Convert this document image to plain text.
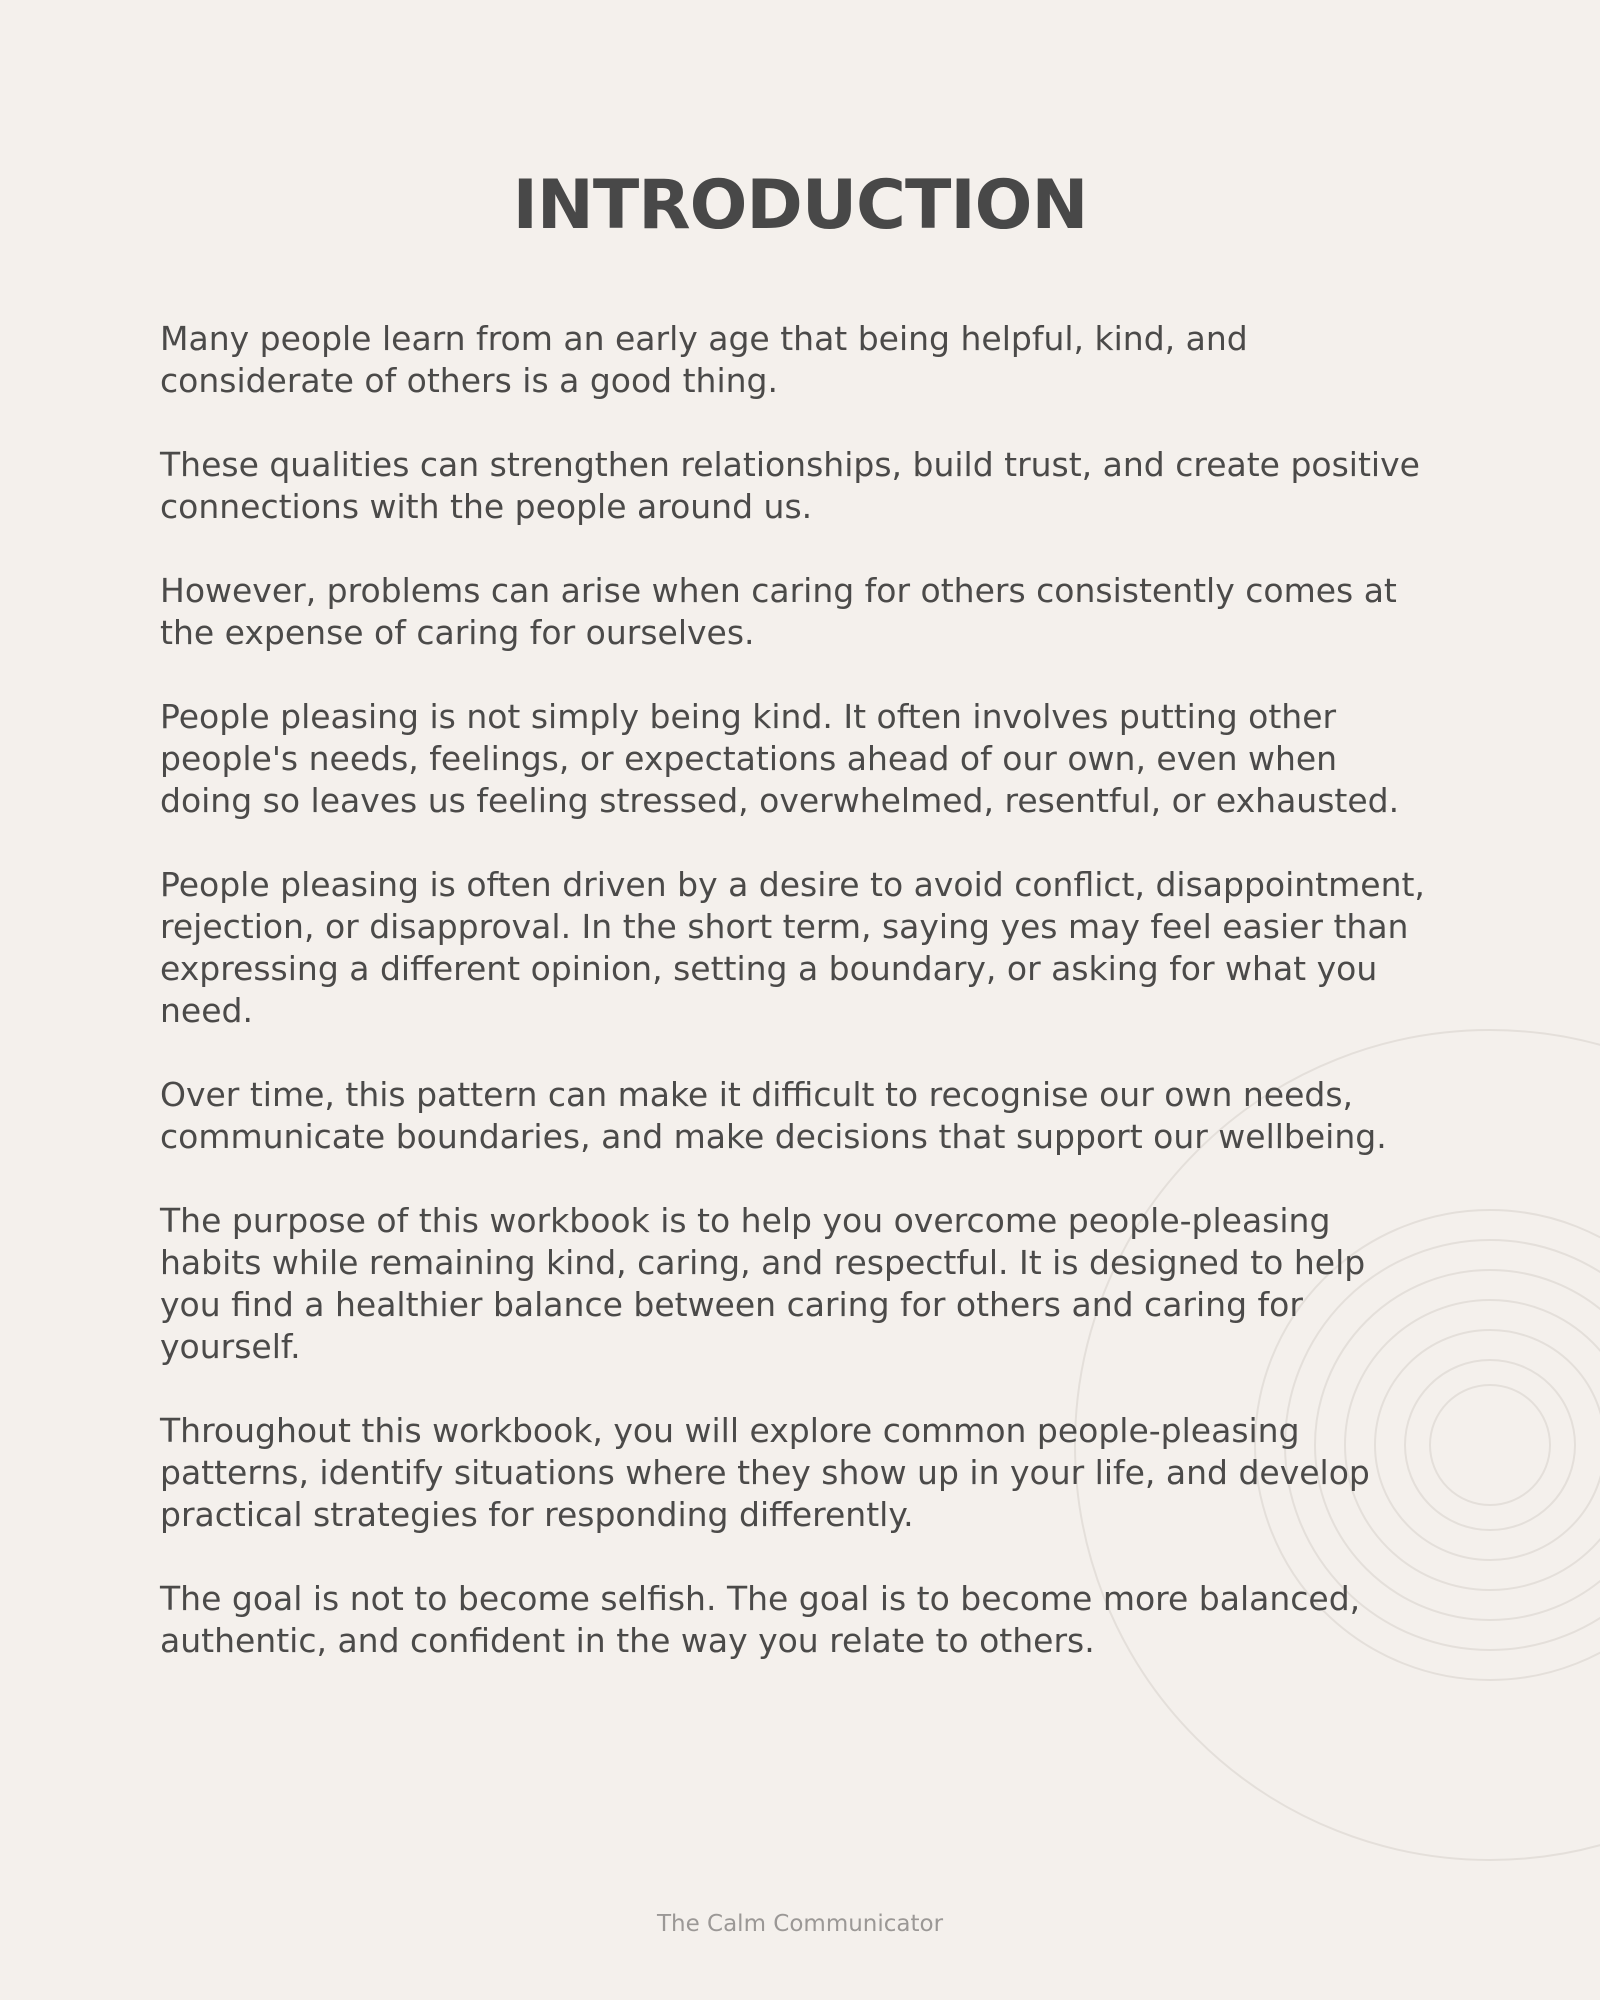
INTRODUCTION

Many people learn from an early age that being helpful, kind, and considerate of others is a good thing.

These qualities can strengthen relationships, build trust, and create positive connections with the people around us.

However, problems can arise when caring for others consistently comes at the expense of caring for ourselves.

People pleasing is not simply being kind. It often involves putting other people's needs, feelings, or expectations ahead of our own, even when doing so leaves us feeling stressed, overwhelmed, resentful, or exhausted.

People pleasing is often driven by a desire to avoid conflict, disappointment, rejection, or disapproval. In the short term, saying yes may feel easier than expressing a different opinion, setting a boundary, or asking for what you need.

Over time, this pattern can make it difficult to recognise our own needs, communicate boundaries, and make decisions that support our wellbeing.

The purpose of this workbook is to help you overcome people-pleasing habits while remaining kind, caring, and respectful. It is designed to help you find a healthier balance between caring for others and caring for yourself.

Throughout this workbook, you will explore common people-pleasing patterns, identify situations where they show up in your life, and develop practical strategies for responding differently.

The goal is not to become selfish. The goal is to become more balanced, authentic, and confident in the way you relate to others.

The Calm Communicator
